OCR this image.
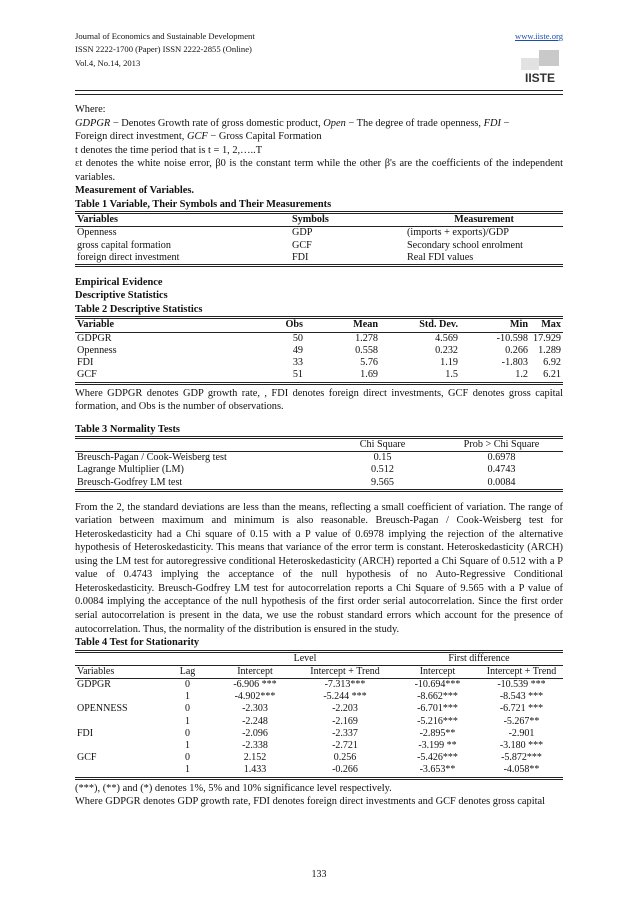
Journal of Economics and Sustainable Development
ISSN 2222-1700 (Paper) ISSN 2222-2855 (Online)
Vol.4, No.14, 2013
www.iiste.org
IISTE

Where:

GDPGR − Denotes Growth rate of gross domestic product, Open − The degree of trade openness, FDI −

Foreign direct investment, GCF − Gross Capital Formation

t denotes the time period that is t = 1, 2,…..T

εt denotes the white noise error, β0 is the constant term while the other β's are the coefficients of the independent variables.

Measurement of Variables.

Table 1 Variable, Their Symbols and Their Measurements

Variables	Symbols	Measurement
Openness	GDP	(imports + exports)/GDP
gross capital formation	GCF	Secondary school enrolment
foreign direct investment	FDI	Real FDI values

Empirical Evidence

Descriptive Statistics

Table 2 Descriptive Statistics

Variable	Obs	Mean	Std. Dev.	Min	Max
GDPGR	50	1.278	4.569	-10.598	17.929
Openness	49	0.558	0.232	0.266	1.289
FDI	33	5.76	1.19	-1.803	6.92
GCF	51	1.69	1.5	1.2	6.21

Where GDPGR denotes GDP growth rate, , FDI denotes foreign direct investments, GCF denotes gross capital formation, and Obs is the number of observations.

Table 3 Normality Tests

	Chi Square	Prob > Chi Square
Breusch-Pagan / Cook-Weisberg test	0.15	0.6978
Lagrange Multiplier (LM)	0.512	0.4743
Breusch-Godfrey LM test	9.565	0.0084

From the 2, the standard deviations are less than the means, reflecting a small coefficient of variation. The range of variation between maximum and minimum is also reasonable. Breusch-Pagan / Cook-Weisberg test for Heteroskedasticity had a Chi square of 0.15 with a P value of 0.6978 implying the rejection of the alternative hypothesis of Heteroskedasticity. This means that variance of the error term is constant. Heteroskedasticity (ARCH) using the LM test for autoregressive conditional Heteroskedasticity (ARCH) reported a Chi Square of 0.512 with a P value of 0.4743 implying the acceptance of the null hypothesis of no Auto-Regressive Conditional Heteroskedasticity. Breusch-Godfrey LM test for autocorrelation reports a Chi Square of 9.565 with a P value of 0.0084 implying the acceptance of the null hypothesis of the first order serial autocorrelation. Since the first order serial autocorrelation is present in the data, we use the robust standard errors which account for the presence of autocorrelation. Thus, the normality of the distribution is ensured in the study.

Table 4 Test for Stationarity

		Level		First difference	
Variables	Lag	Intercept	Intercept + Trend	Intercept	Intercept + Trend
GDPGR	0	-6.906 ***	-7.313***	-10.694***	-10.539 ***
	1	-4.902***	-5.244 ***	-8.662***	-8.543 ***
OPENNESS	0	-2.303	-2.203	-6.701***	-6.721 ***
	1	-2.248	-2.169	-5.216***	-5.267**
FDI	0	-2.096	-2.337	-2.895**	-2.901
	1	-2.338	-2.721	-3.199 **	-3.180 ***
GCF	0	2.152	0.256	-5.426***	-5.872***
	1	1.433	-0.266	-3.653**	-4.058**

(***), (**) and (*) denotes 1%, 5% and 10% significance level respectively.

Where GDPGR denotes GDP growth rate, FDI denotes foreign direct investments and GCF denotes gross capital

133
